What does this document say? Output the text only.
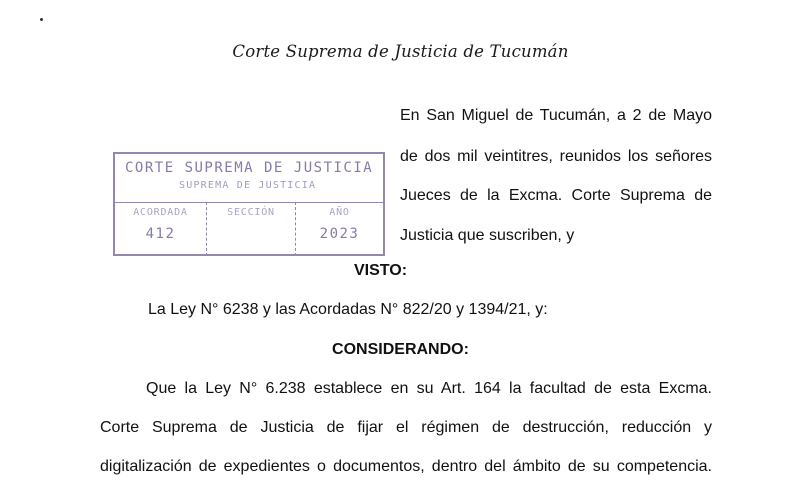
Corte Suprema de Justicia de Tucumán
En San Miguel de Tucumán, a 2 de Mayo
de dos mil veintitres, reunidos los señores
Jueces de la Excma. Corte Suprema de
Justicia que suscriben, y
CORTE SUPREMA DE JUSTICIA
SUPREMA DE JUSTICIA
ACORDADA
412
SECCIÓN	AÑO
2023
VISTO:
La Ley N° 6238 y las Acordadas N° 822/20 y 1394/21, y:
CONSIDERANDO:
Que la Ley N° 6.238 establece en su Art. 164 la facultad de esta Excma.
Corte Suprema de Justicia de fijar el régimen de destrucción, reducción y
digitalización de expedientes o documentos, dentro del ámbito de su competencia.
